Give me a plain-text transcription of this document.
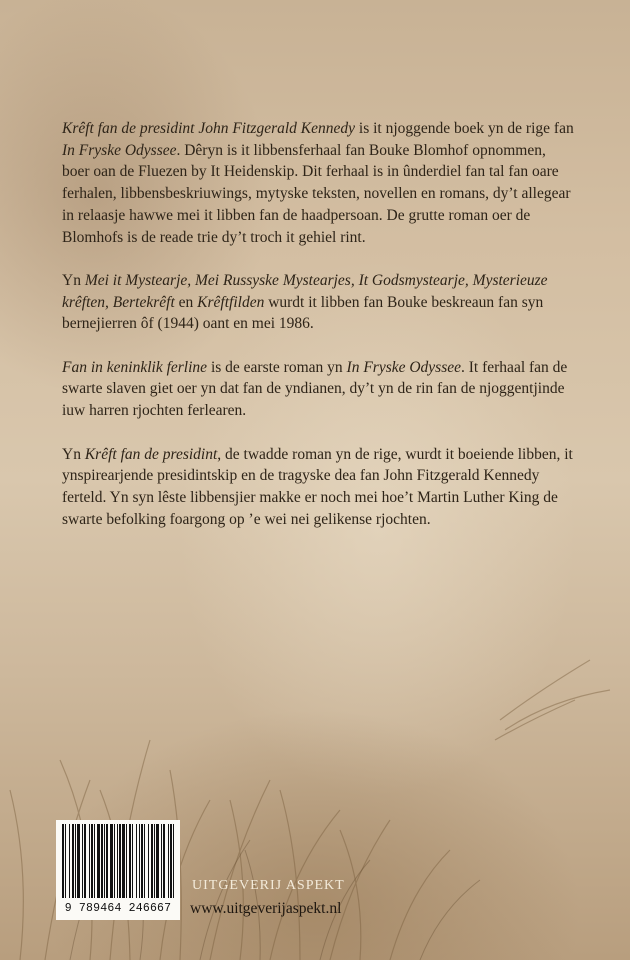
Krêft fan de presidint John Fitzgerald Kennedy is it njoggende boek yn de rige fan In Fryske Odyssee. Dêryn is it libbensferhaal fan Bouke Blomhof opnommen, boer oan de Fluezen by It Heidenskip. Dit ferhaal is in ûnderdiel fan tal fan oare ferhalen, libbensbeskriuwings, mytyske teksten, novellen en romans, dy’t allegear in relaasje hawwe mei it libben fan de haadpersoan. De grutte roman oer de Blomhofs is de reade trie dy’t troch it gehiel rint.

Yn Mei it Mystearje, Mei Russyske Mystearjes, It Godsmystearje, Mysterieuze krêften, Bertekrêft en Krêftfilden wurdt it libben fan Bouke beskreaun fan syn bernejierren ôf (1944) oant en mei 1986.

Fan in keninklik ferline is de earste roman yn In Fryske Odyssee. It ferhaal fan de swarte slaven giet oer yn dat fan de yndianen, dy’t yn de rin fan de njoggentjinde iuw harren rjochten ferlearen.

Yn Krêft fan de presidint, de twadde roman yn de rige, wurdt it boeiende libben, it ynspirearjende presidintskip en de tragyske dea fan John Fitzgerald Kennedy ferteld. Yn syn lêste libbensjier makke er noch mei hoe’t Martin Luther King de swarte befolking foargong op ’e wei nei gelikense rjochten.

9 789464 246667
UITGEVERIJ ASPEKT
www.uitgeverijaspekt.nl
